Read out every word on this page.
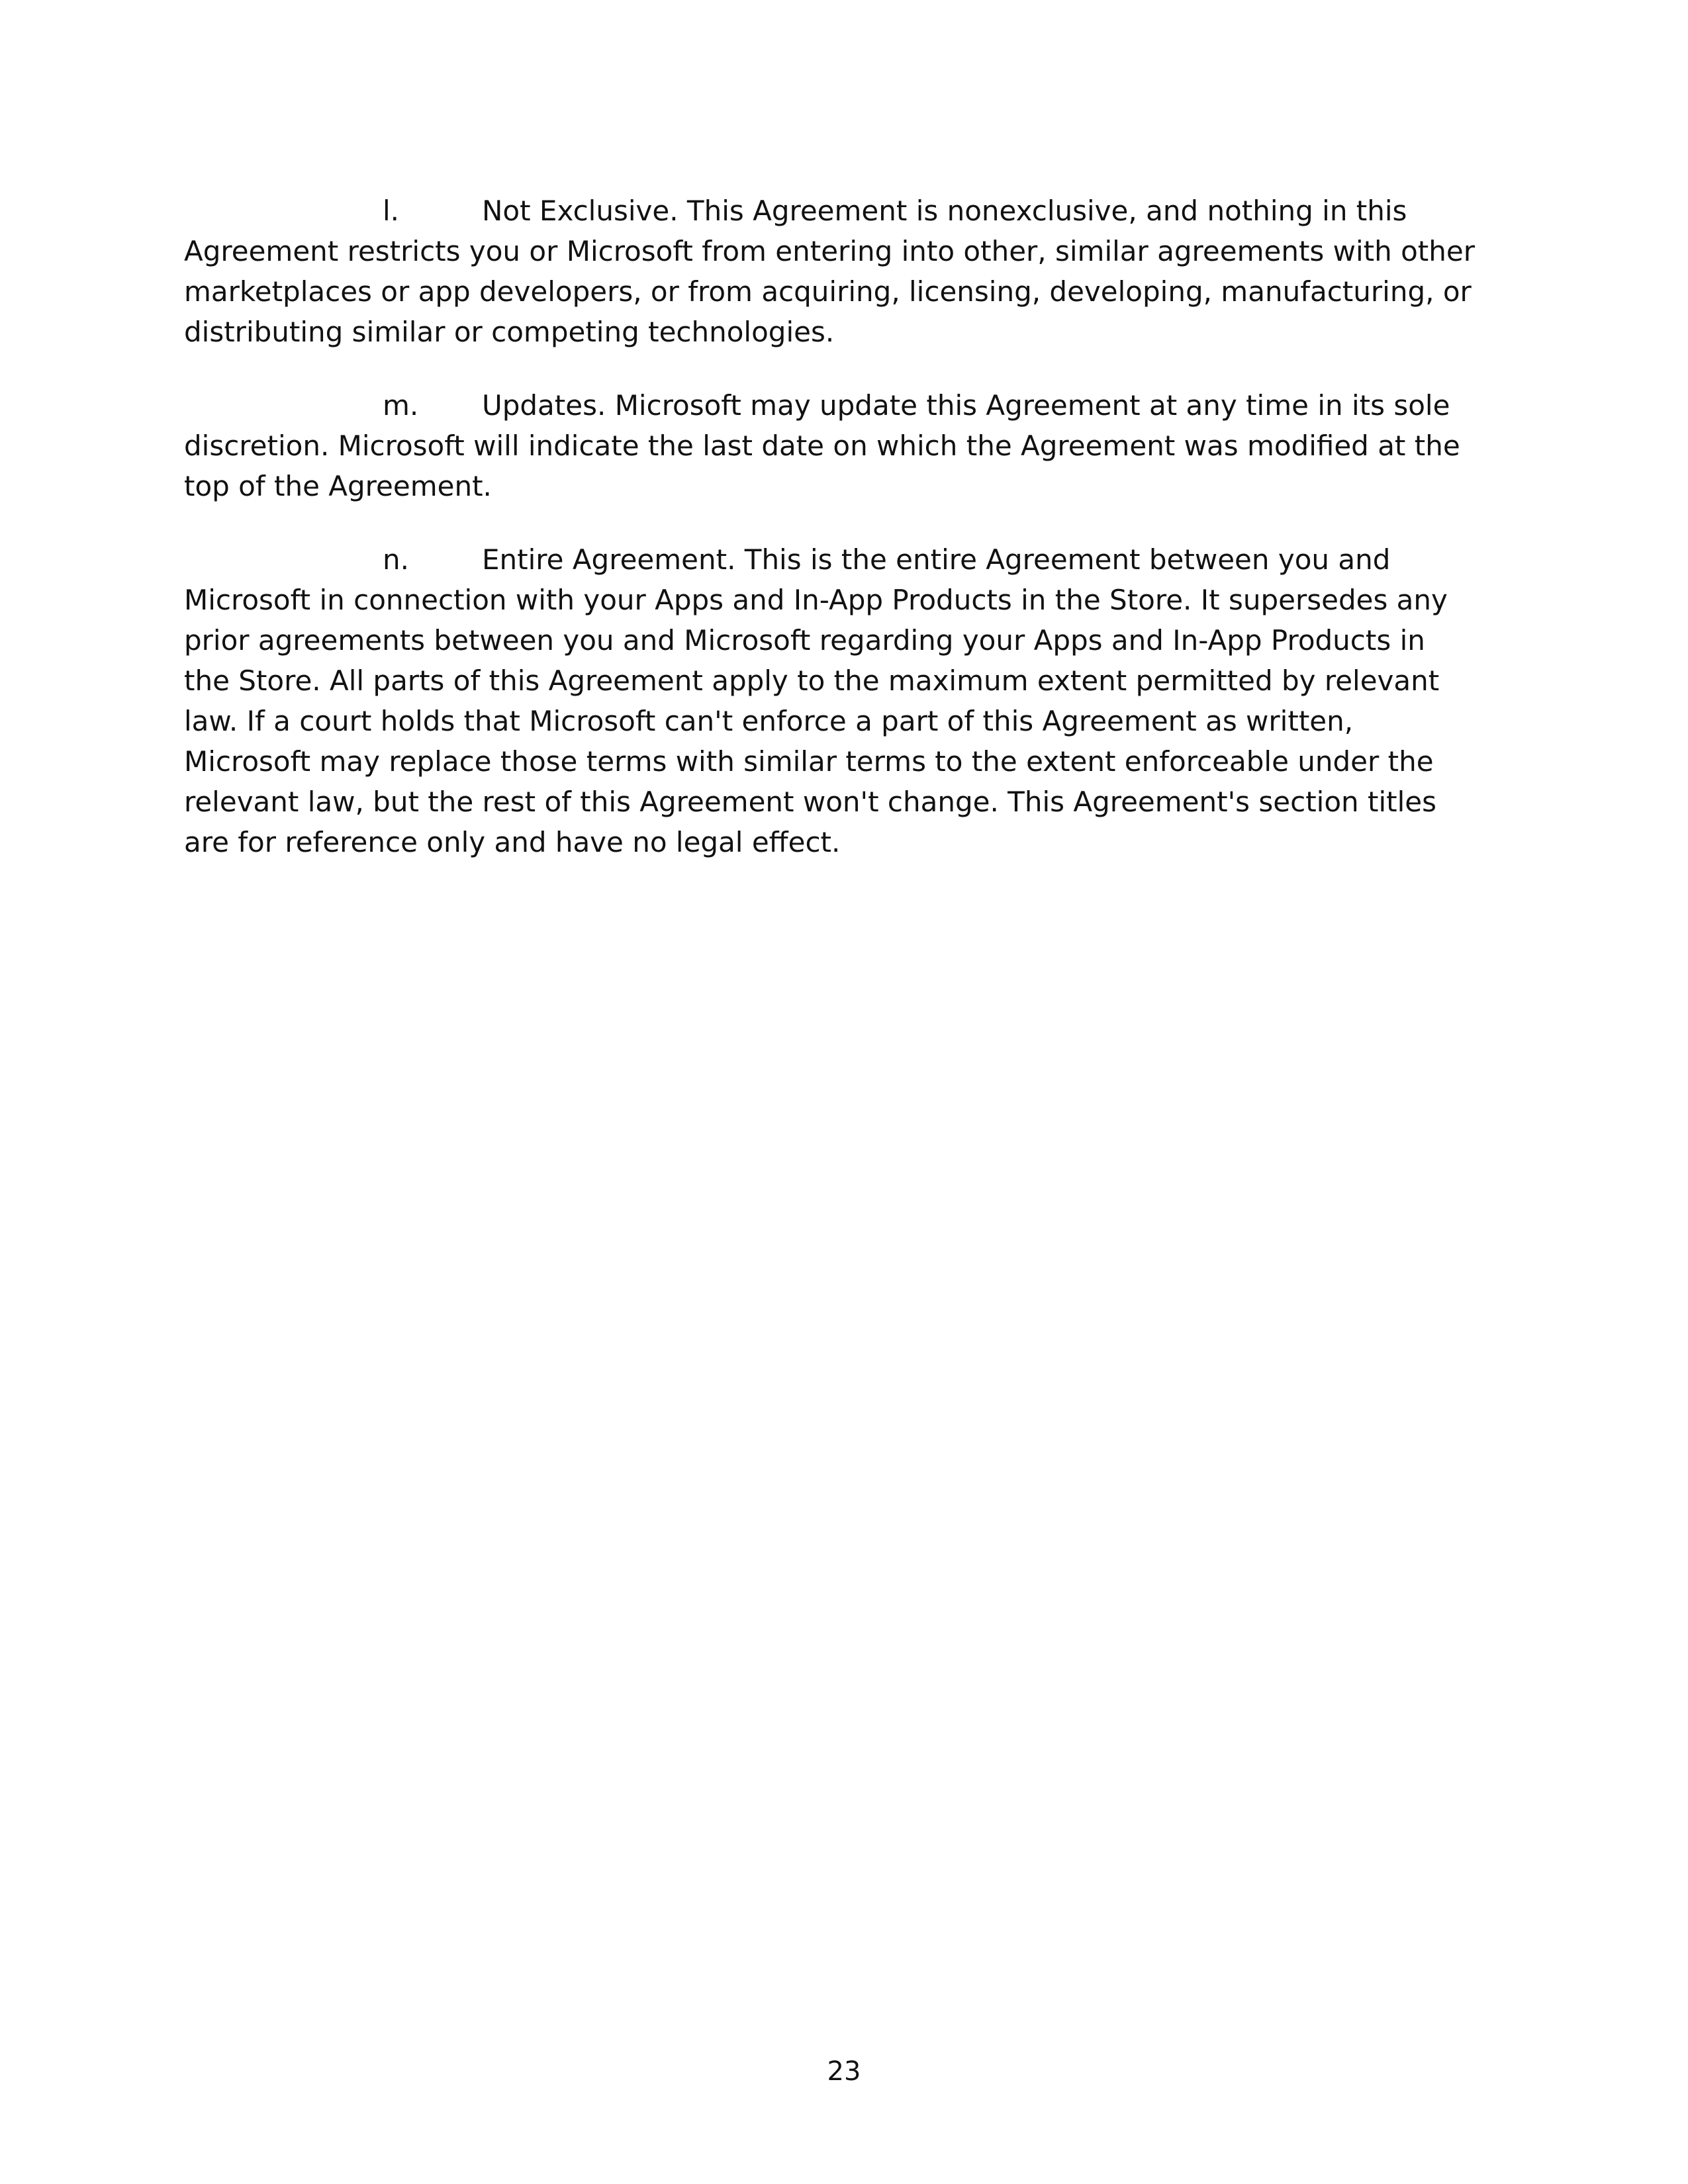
l.	Not Exclusive. This Agreement is nonexclusive, and nothing in this Agreement restricts you or Microsoft from entering into other, similar agreements with other marketplaces or app developers, or from acquiring, licensing, developing, manufacturing, or distributing similar or competing technologies.

m. Updates. Microsoft may update this Agreement at any time in its sole discretion. Microsoft will indicate the last date on which the Agreement was modified at the top of the Agreement.

n.	Entire Agreement. This is the entire Agreement between you and Microsoft in connection with your Apps and In-App Products in the Store. It supersedes any prior agreements between you and Microsoft regarding your Apps and In-App Products in the Store. All parts of this Agreement apply to the maximum extent permitted by relevant law. If a court holds that Microsoft can't enforce a part of this Agreement as written, Microsoft may replace those terms with similar terms to the extent enforceable under the relevant law, but the rest of this Agreement won't change. This Agreement's section titles are for reference only and have no legal effect.

23
